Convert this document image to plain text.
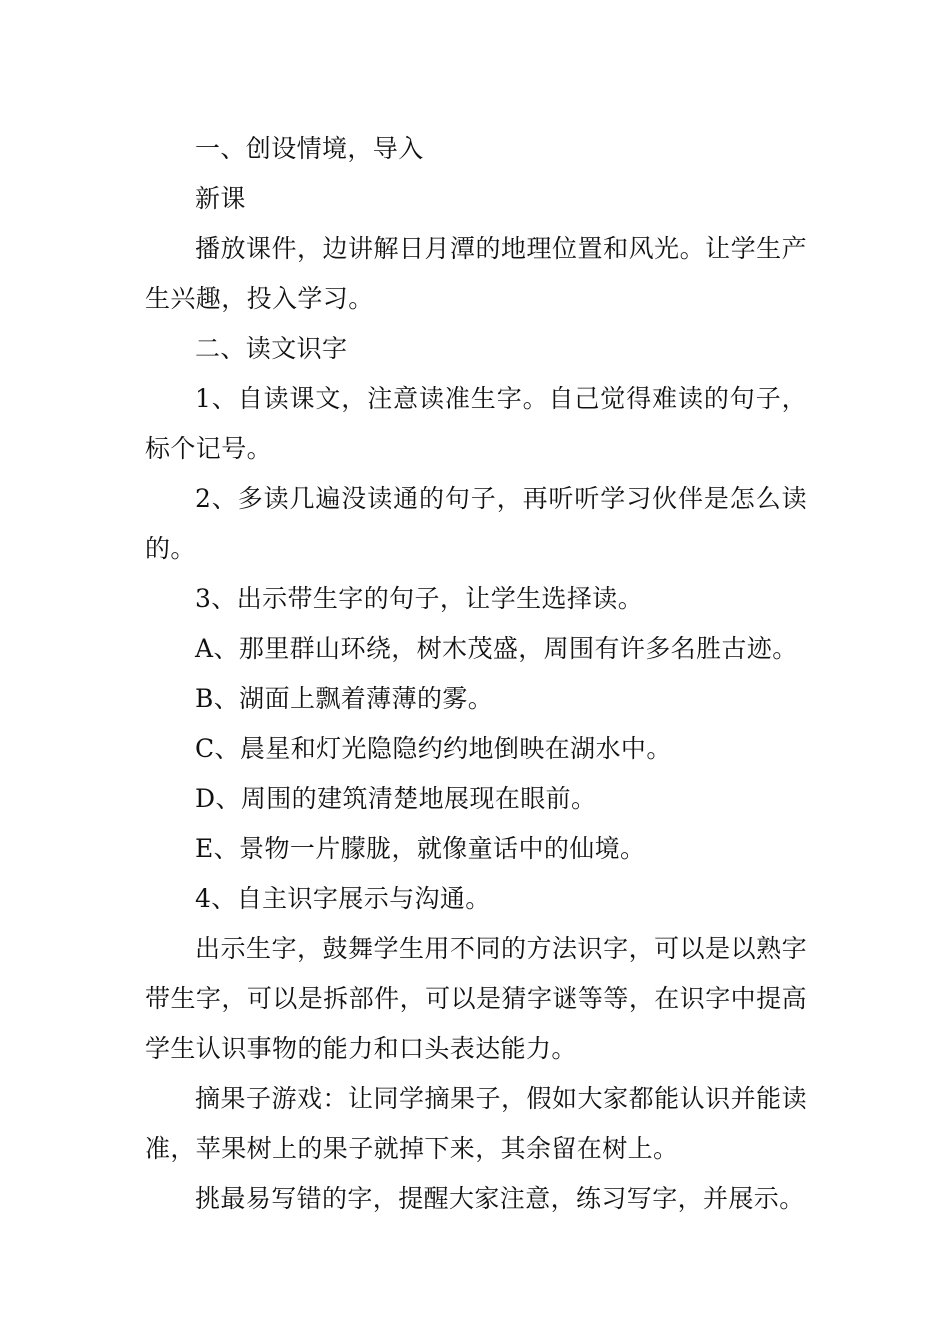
一、创设情境，导入

新课

播放课件，边讲解日月潭的地理位置和风光。让学生产生兴趣，投入学习。

二、读文识字

1、自读课文，注意读准生字。自己觉得难读的句子，标个记号。

2、多读几遍没读通的句子，再听听学习伙伴是怎么读的。

3、出示带生字的句子，让学生选择读。

A、那里群山环绕，树木茂盛，周围有许多名胜古迹。

B、湖面上飘着薄薄的雾。

C、晨星和灯光隐隐约约地倒映在湖水中。

D、周围的建筑清楚地展现在眼前。

E、景物一片朦胧，就像童话中的仙境。

4、自主识字展示与沟通。

出示生字，鼓舞学生用不同的方法识字，可以是以熟字带生字，可以是拆部件，可以是猜字谜等等，在识字中提高学生认识事物的能力和口头表达能力。

摘果子游戏：让同学摘果子，假如大家都能认识并能读准，苹果树上的果子就掉下来，其余留在树上。

挑最易写错的字，提醒大家注意，练习写字，并展示。
